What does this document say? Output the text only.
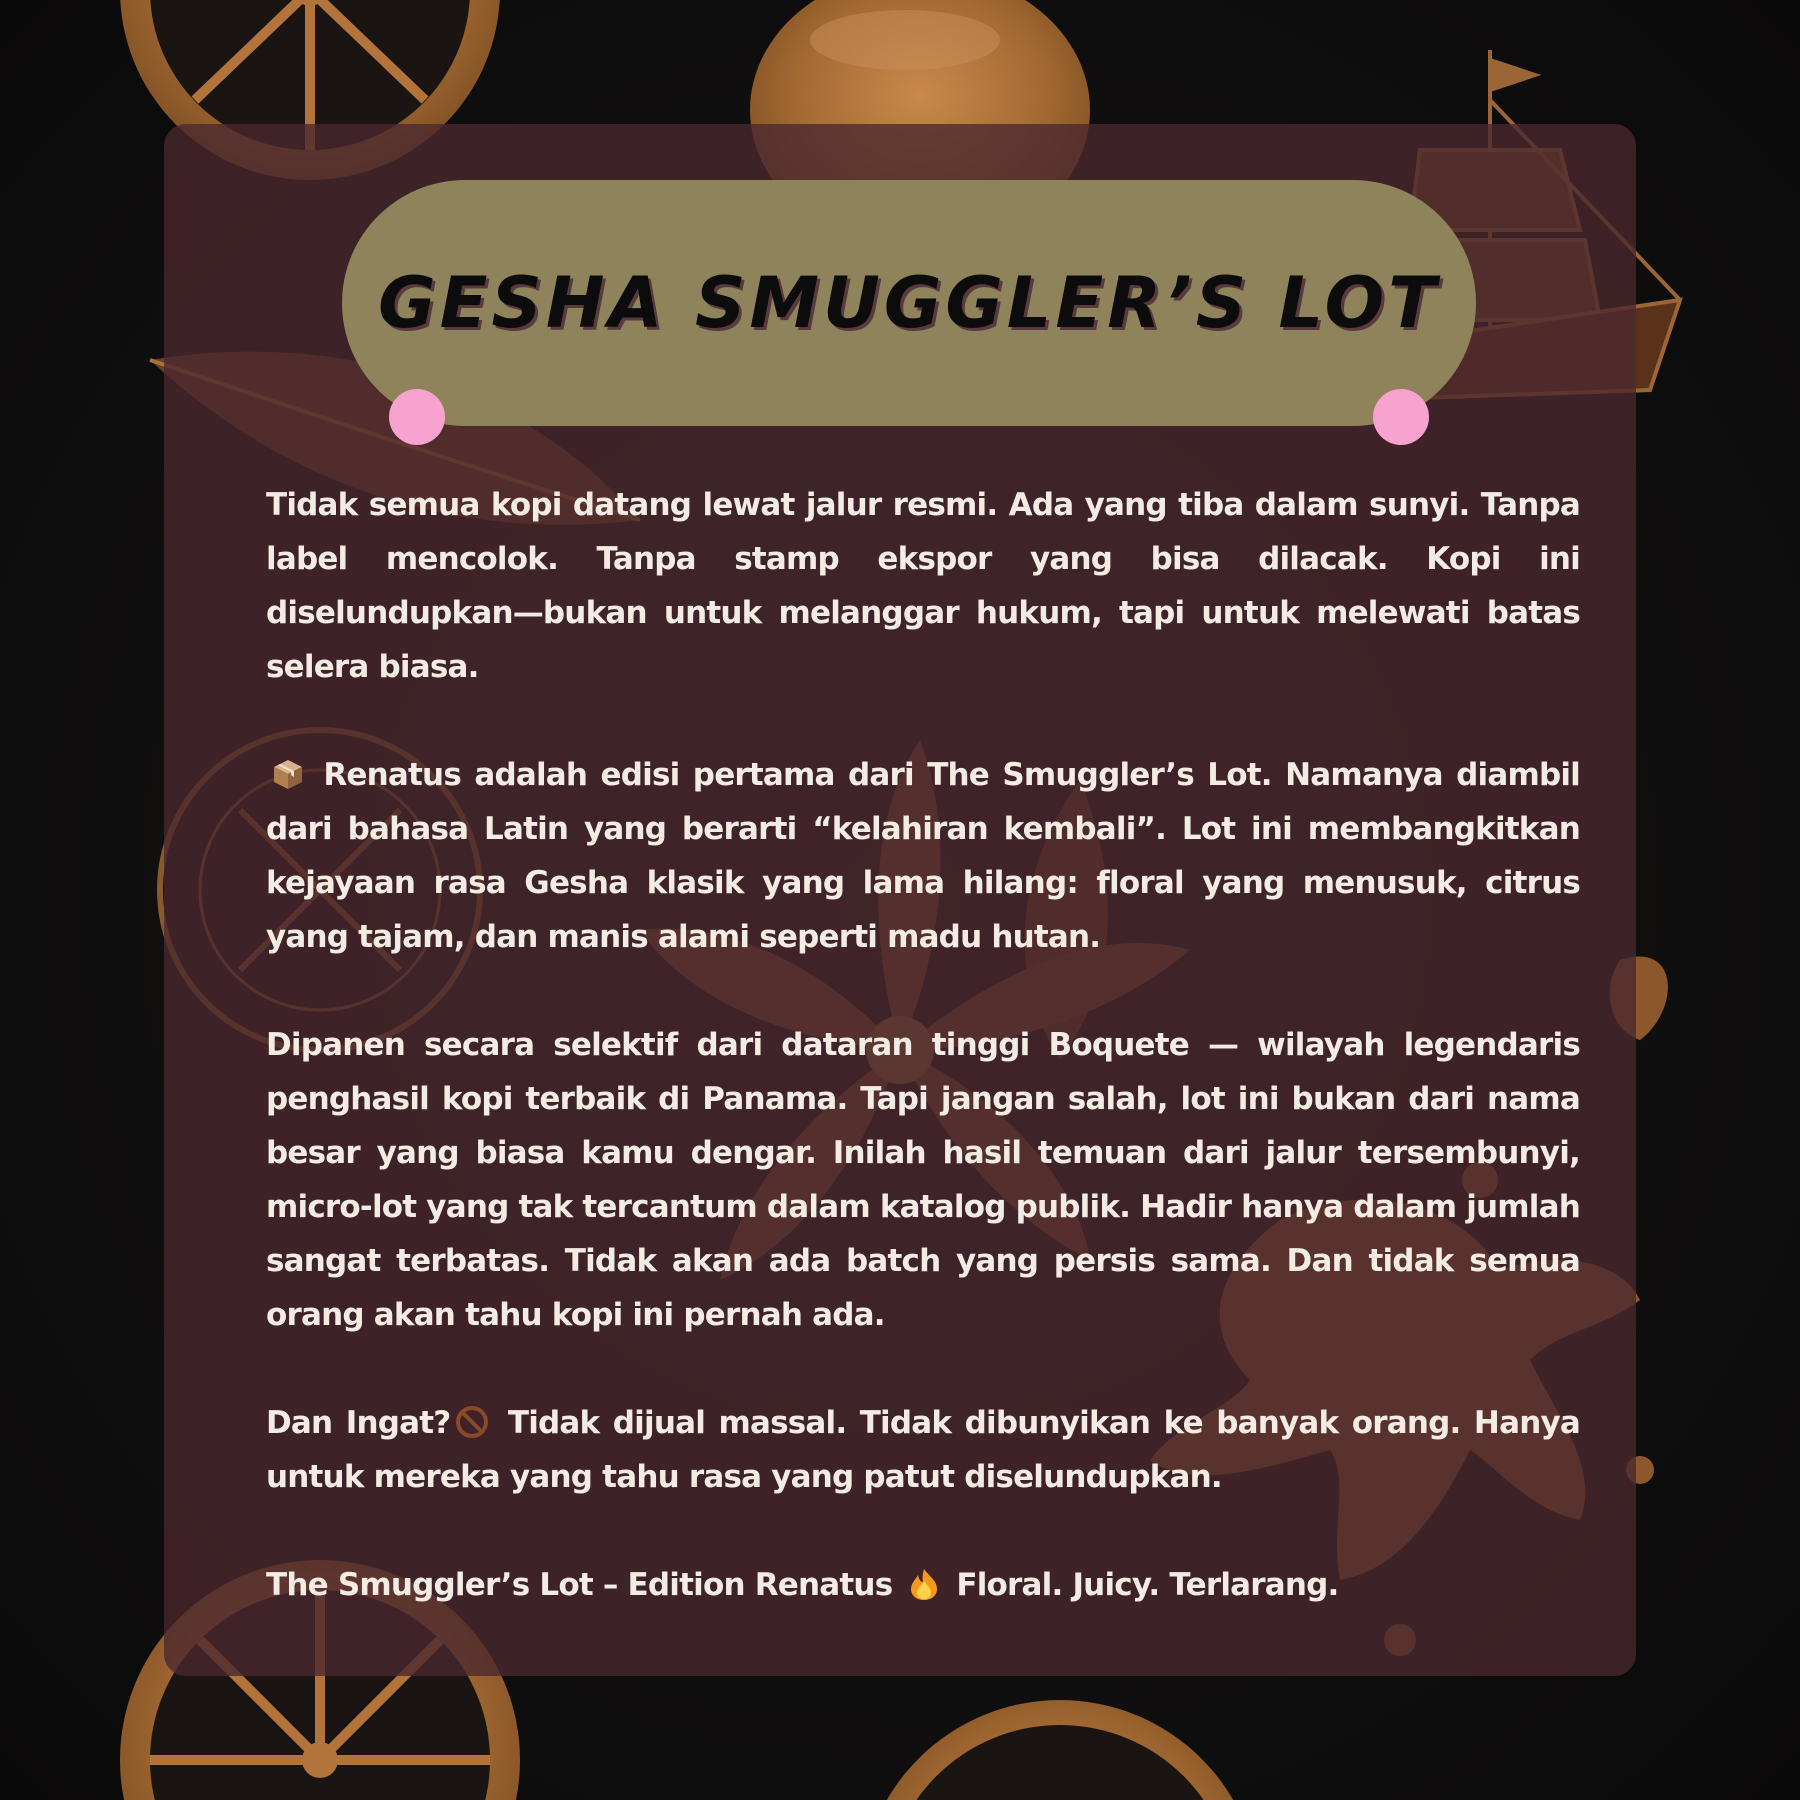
GESHA SMUGGLER’S LOT

Tidak semua kopi datang lewat jalur resmi. Ada yang tiba dalam sunyi. Tanpa label mencolok. Tanpa stamp ekspor yang bisa dilacak. Kopi ini diselundupkan—bukan untuk melanggar hukum, tapi untuk melewati batas selera biasa.

Renatus adalah edisi pertama dari The Smuggler’s Lot. Namanya diambil dari bahasa Latin yang berarti “kelahiran kembali”. Lot ini membangkitkan kejayaan rasa Gesha klasik yang lama hilang: floral yang menusuk, citrus yang tajam, dan manis alami seperti madu hutan.

Dipanen secara selektif dari dataran tinggi Boquete — wilayah legendaris penghasil kopi terbaik di Panama. Tapi jangan salah, lot ini bukan dari nama besar yang biasa kamu dengar. Inilah hasil temuan dari jalur tersembunyi, micro-lot yang tak tercantum dalam katalog publik. Hadir hanya dalam jumlah sangat terbatas. Tidak akan ada batch yang persis sama. Dan tidak semua orang akan tahu kopi ini pernah ada.

Dan Ingat? Tidak dijual massal. Tidak dibunyikan ke banyak orang. Hanya untuk mereka yang tahu rasa yang patut diselundupkan.

The Smuggler’s Lot – Edition Renatus  Floral. Juicy. Terlarang.
